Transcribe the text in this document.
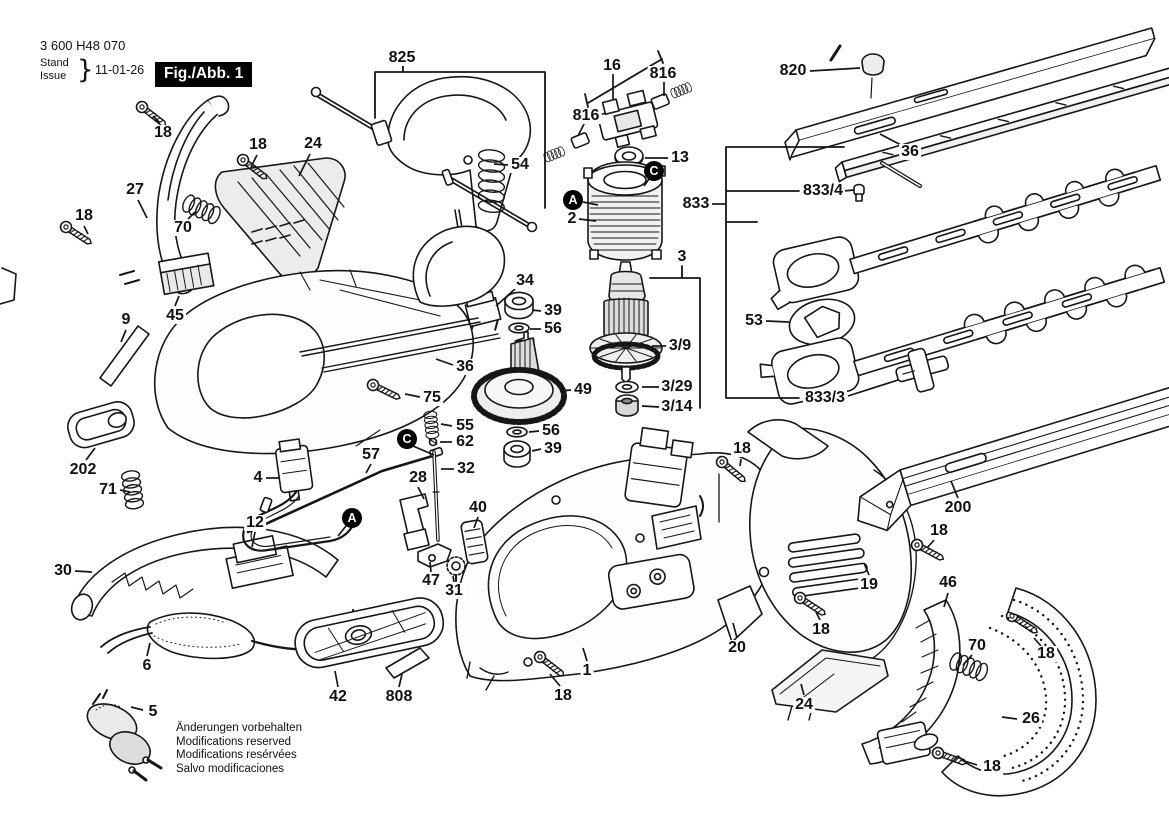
3 600 H48 070
Stand
Issue } 11-01-26	Fig./Abb. 1
825	16 816
816
820
36
13
833
833/4
2
3
3/9
3/29
3/14
53
833/3
54
34
39
56
36
75	49
55
62
56
39
57
28
32
40
47
31
4
12
202
71
30
9 45
27
70
24
18
18
18
6
5
42 808
1
18
20
18
200
18
19
18
46
70	18
24
26
18
A
C
C
A
Änderungen vorbehalten
Modifications reserved
Modifications resérvées
Salvo modificaciones
